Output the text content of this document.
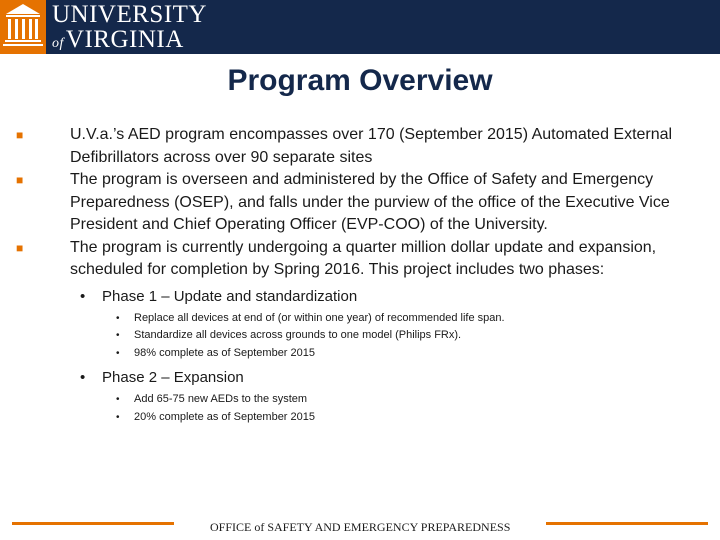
UNIVERSITY
ofVIRGINIA
Program Overview
■	U.V.a.’s AED program encompasses over 170 (September 2015) Automated External Defibrillators across over 90 separate sites
■	The program is overseen and administered by the Office of Safety and Emergency Preparedness (OSEP), and falls under the purview of the office of the Executive Vice President and Chief Operating Officer (EVP-COO) of the University.
■	The program is currently undergoing a quarter million dollar update and expansion, scheduled for completion by Spring 2016. This project includes two phases:
• Phase 1 – Update and standardization
• Replace all devices at end of (or within one year) of recommended life span.
• Standardize all devices across grounds to one model (Philips FRx).
• 98% complete as of September 2015
• Phase 2 – Expansion
• Add 65-75 new AEDs to the system
• 20% complete as of September 2015
OFFICE of SAFETY AND EMERGENCY PREPAREDNESS
